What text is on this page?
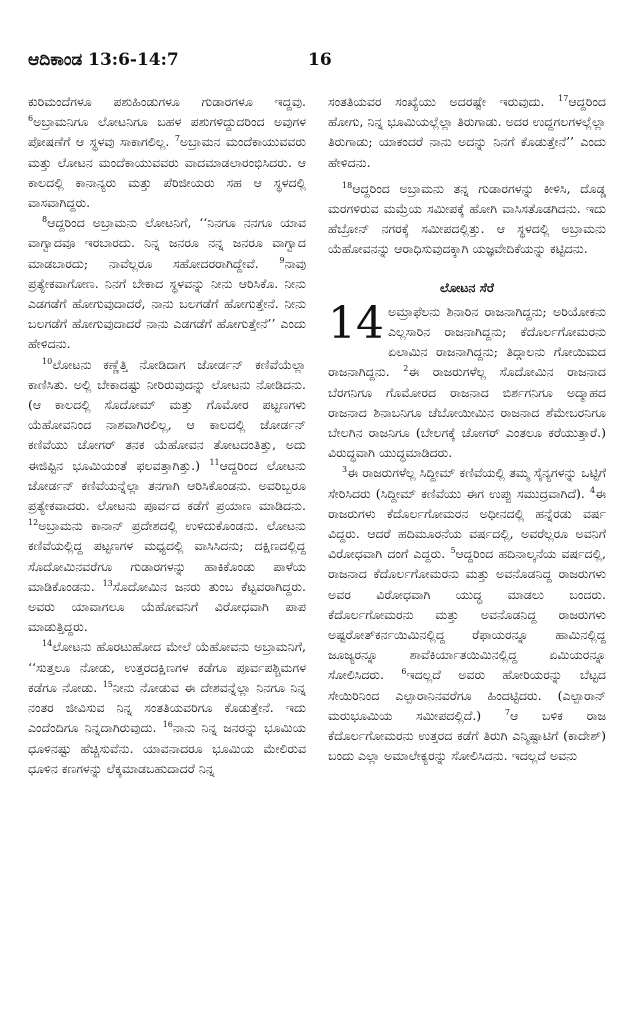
ಆದಿಕಾಂಡ 13:6-14:7	16

ಕುರಿಮಂದೆಗಳೂ ಪಶುಹಿಂಡುಗಳೂ ಗುಡಾರಗಳೂ ಇದ್ದವು. $^6$ಅಬ್ರಾಮನಿಗೂ ಲೋಟನಿಗೂ ಬಹಳ ಪಶುಗಳಿದ್ದುದರಿಂದ ಅವುಗಳ ಪೋಷಣೆಗೆ ಆ ಸ್ಥಳವು ಸಾಕಾಗಲಿಲ್ಲ. $^7$ಅಬ್ರಾಮನ ಮಂದೆಕಾಯುವವರು ಮತ್ತು ಲೋಟನ ಮಂದೆಕಾಯುವವರು ವಾದಮಾಡಲಾರಂಭಿಸಿದರು. ಆ ಕಾಲದಲ್ಲಿ ಕಾನಾನ್ಯರು ಮತ್ತು ಪೆರಿಜೀಯರು ಸಹ ಆ ಸ್ಥಳದಲ್ಲಿ ವಾಸವಾಗಿದ್ದರು.

$^8$ಆದ್ದರಿಂದ ಅಬ್ರಾಮನು ಲೋಟನಿಗೆ, ‘‘ನಿನಗೂ ನನಗೂ ಯಾವ ವಾಗ್ವಾದವೂ ಇರಬಾರದು. ನಿನ್ನ ಜನರೂ ನನ್ನ ಜನರೂ ವಾಗ್ವಾದ ಮಾಡಬಾರದು; ನಾವೆಲ್ಲರೂ ಸಹೋದರರಾಗಿದ್ದೇವೆ. $^9$ನಾವು ಪ್ರತ್ಯೇಕವಾಗೋಣ. ನಿನಗೆ ಬೇಕಾದ ಸ್ಥಳವನ್ನು ನೀನು ಆರಿಸಿಕೊ. ನೀನು ಎಡಗಡೆಗೆ ಹೋಗುವುದಾದರೆ, ನಾನು ಬಲಗಡೆಗೆ ಹೋಗುತ್ತೇನೆ. ನೀನು ಬಲಗಡೆಗೆ ಹೋಗುವುದಾದರೆ ನಾನು ಎಡಗಡೆಗೆ ಹೋಗುತ್ತೇನೆ’’ ಎಂದು ಹೇಳಿದನು.

$^{10}$ಲೋಟನು ಕಣ್ಣೆತ್ತಿ ನೋಡಿದಾಗ ಜೋರ್ಡನ್ ಕಣಿವೆಯೆಲ್ಲಾ ಕಾಣಿಸಿತು. ಅಲ್ಲಿ ಬೇಕಾದಷ್ಟು ನೀರಿರುವುದನ್ನು ಲೋಟನು ನೋಡಿದನು.(ಆ ಕಾಲದಲ್ಲಿ ಸೊದೋಮ್ ಮತ್ತು ಗೊಮೋರ ಪಟ್ಟಣಗಳು ಯೆಹೋವನಿಂದ ನಾಶವಾಗಿರಲಿಲ್ಲ, ಆ ಕಾಲದಲ್ಲಿ ಜೋರ್ಡನ್ ಕಣಿವೆಯು ಚೋಗರ್ ತನಕ ಯೆಹೋವನ ತೋಟದಂತಿತ್ತು, ಅದು ಈಜಿಪ್ಟಿನ ಭೂಮಿಯಂತೆ ಫಲವತ್ತಾಗಿತ್ತು.) $^{11}$ಆದ್ದರಿಂದ ಲೋಟನು ಜೋರ್ಡನ್ ಕಣಿವೆಯನ್ನೆಲ್ಲಾ ತನಗಾಗಿ ಆರಿಸಿಕೊಂಡನು. ಅವರಿಬ್ಬರೂ ಪ್ರತ್ಯೇಕವಾದರು. ಲೋಟನು ಪೂರ್ವದ ಕಡೆಗೆ ಪ್ರಯಾಣ ಮಾಡಿದನು. $^{12}$ಅಬ್ರಾಮನು ಕಾನಾನ್ ಪ್ರದೇಶದಲ್ಲಿ ಉಳಿದುಕೊಂಡನು. ಲೋಟನು ಕಣಿವೆಯಲ್ಲಿದ್ದ ಪಟ್ಟಣಗಳ ಮಧ್ಯದಲ್ಲಿ ವಾಸಿಸಿದನು; ದಕ್ಷಿಣದಲ್ಲಿದ್ದ ಸೊದೋಮಿನವರೆಗೂ ಗುಡಾರಗಳನ್ನು ಹಾಕಿಕೊಂಡು ಪಾಳೆಯ ಮಾಡಿಕೊಂಡನು. $^{13}$ಸೊದೋಮಿನ ಜನರು ತುಂಬ ಕೆಟ್ಟವರಾಗಿದ್ದರು. ಅವರು ಯಾವಾಗಲೂ ಯೆಹೋವನಿಗೆ ವಿರೋಧವಾಗಿ ಪಾಪ ಮಾಡುತ್ತಿದ್ದರು.

$^{14}$ಲೋಟನು ಹೊರಟುಹೋದ ಮೇಲೆ ಯೆಹೋವನು ಅಬ್ರಾಮನಿಗೆ, ‘‘ಸುತ್ತಲೂ ನೋಡು, ಉತ್ತರದಕ್ಷಿಣಗಳ ಕಡೆಗೂ ಪೂರ್ವಪಶ್ಚಿಮಗಳ ಕಡೆಗೂ ನೋಡು. $^{15}$ನೀನು ನೋಡುವ ಈ ದೇಶವನ್ನೆಲ್ಲಾ ನಿನಗೂ ನಿನ್ನ ನಂತರ ಜೀವಿಸುವ ನಿನ್ನ ಸಂತತಿಯವರಿಗೂ ಕೊಡುತ್ತೇನೆ. ಇದು ಎಂದೆಂದಿಗೂ ನಿನ್ನದಾಗಿರುವುದು. $^{16}$ನಾನು ನಿನ್ನ ಜನರನ್ನು ಭೂಮಿಯ ಧೂಳಿನಷ್ಟು ಹೆಚ್ಚಿಸುವೆನು. ಯಾವನಾದರೂ ಭೂಮಿಯ ಮೇಲಿರುವ ಧೂಳಿನ ಕಣಗಳನ್ನು ಲೆಕ್ಕಮಾಡಬಹುದಾದರೆ ನಿನ್ನ

ಸಂತತಿಯವರ ಸಂಖ್ಯೆಯು ಅದರಷ್ಟೇ ಇರುವುದು. $^{17}$ಆದ್ದರಿಂದ ಹೋಗು, ನಿನ್ನ ಭೂಮಿಯಲ್ಲೆಲ್ಲಾ ತಿರುಗಾಡು. ಅದರ ಉದ್ದಗಲಗಳಲ್ಲೆಲ್ಲಾ ತಿರುಗಾಡು; ಯಾಕಂದರೆ ನಾನು ಅದನ್ನು ನಿನಗೆ ಕೊಡುತ್ತೇನೆ’’ ಎಂದು ಹೇಳಿದನು.

$^{18}$ಆದ್ದರಿಂದ ಅಬ್ರಾಮನು ತನ್ನ ಗುಡಾರಗಳನ್ನು ಕೀಳಿಸಿ, ದೊಡ್ಡ ಮರಗಳಿರುವ ಮಮ್ರೆಯ ಸಮೀಪಕ್ಕೆ ಹೋಗಿ ವಾಸಿಸತೊಡಗಿದನು. ಇದು ಹೆಬ್ರೋನ್ ನಗರಕ್ಕೆ ಸಮೀಪದಲ್ಲಿತ್ತು. ಆ ಸ್ಥಳದಲ್ಲಿ ಅಬ್ರಾಮನು ಯೆಹೋವನನ್ನು ಆರಾಧಿಸುವುದಕ್ಕಾಗಿ ಯಜ್ಞವೇದಿಕೆಯನ್ನು ಕಟ್ಟಿದನು.

ಲೋಟನ ಸೆರೆ

14 ಅಮ್ರಾಫೆಲನು ಶಿನಾರಿನ ರಾಜನಾಗಿದ್ದನು; ಅರಿಯೋಕನು ಎಲ್ಲಸಾರಿನ ರಾಜನಾಗಿದ್ದನು; ಕೆದೊರ್ಲಗೋಮರನು ಏಲಾಮಿನ ರಾಜನಾಗಿದ್ದನು; ತಿದ್ಗಾಲನು ಗೋಯಿಮದ ರಾಜನಾಗಿದ್ದನು. $^2$ಈ ರಾಜರುಗಳೆಲ್ಲ ಸೊದೋಮಿನ ರಾಜನಾದ ಬೆರಗನಿಗೂ ಗೊಮೋರದ ರಾಜನಾದ ಬಿರ್ಶಗನಿಗೂ ಅದ್ಮಾಹದ ರಾಜನಾದ ಶಿನಾಬನಿಗೂ ಚೆಬೋಯೀಮಿನ ರಾಜನಾದ ಶೆಮೇಬರನಿಗೂ ಬೇಲಗಿನ ರಾಜನಿಗೂ (ಬೇಲಗಕ್ಕೆ ಚೋಗರ್ ಎಂತಲೂ ಕರೆಯುತ್ತಾರೆ.) ವಿರುದ್ಧವಾಗಿ ಯುದ್ಧಮಾಡಿದರು.

$^3$ಈ ರಾಜರುಗಳೆಲ್ಲ ಸಿದ್ದೀಮ್ ಕಣಿವೆಯಲ್ಲಿ ತಮ್ಮ ಸೈನ್ಯಗಳನ್ನು ಒಟ್ಟಿಗೆ ಸೇರಿಸಿದರು (ಸಿದ್ದೀಮ್ ಕಣಿವೆಯು ಈಗ ಉಪ್ಪು ಸಮುದ್ರವಾಗಿದೆ). $^4$ಈ ರಾಜರುಗಳು ಕೆದೊರ್ಲಗೋಮರನ ಅಧೀನದಲ್ಲಿ ಹನ್ನೆರಡು ವರ್ಷ ವಿದ್ದರು. ಆದರೆ ಹದಿಮೂರನೆಯ ವರ್ಷದಲ್ಲಿ, ಅವರೆಲ್ಲರೂ ಅವನಿಗೆ ವಿರೋಧವಾಗಿ ದಂಗೆ ಎದ್ದರು. $^5$ಆದ್ದರಿಂದ ಹದಿನಾಲ್ಕನೆಯ ವರ್ಷದಲ್ಲಿ, ರಾಜನಾದ ಕೆದೊರ್ಲಗೋಮರನು ಮತ್ತು ಅವನೊಡನಿದ್ದ ರಾಜರುಗಳು ಅವರ ವಿರೋಧವಾಗಿ ಯುದ್ಧ ಮಾಡಲು ಬಂದರು. ಕೆದೊರ್ಲಗೋಮರನು ಮತ್ತು ಅವನೊಡನಿದ್ದ ರಾಜರುಗಳು ಅಷ್ಟರೋತ್‌ಕರ್ನಯಿಮಿನಲ್ಲಿದ್ದ ರೆಫಾಯರನ್ನೂ ಹಾಮಿನಲ್ಲಿದ್ದ ಜೂಜ್ಯರನ್ನೂ ಶಾವೆಕಿರ್ಯಾತಯಿಮಿನಲ್ಲಿದ್ದ ಏಮಿಯರನ್ನೂ ಸೋಲಿಸಿದರು. $^6$ಇದಲ್ಲದೆ ಅವರು ಹೋರಿಯರನ್ನು ಬೆಟ್ಟದ ಸೇಯಿರಿನಿಂದ ಎಲ್ಪಾರಾನಿನವರೆಗೂ ಹಿಂದಟ್ಟಿದರು. (ಎಲ್ಪಾರಾನ್ ಮರುಭೂಮಿಯ ಸಮೀಪದಲ್ಲಿದೆ.) $^7$ಆ ಬಳಿಕ ರಾಜ ಕೆದೊರ್ಲಗೋಮರನು ಉತ್ತರದ ಕಡೆಗೆ ತಿರುಗಿ ಎನ್ಮಿಷ್ಪಾಟಿಗೆ (ಕಾದೇಶ್) ಬಂದು ಎಲ್ಲಾ ಅಮಾಲೇಕ್ಯರನ್ನು ಸೋಲಿಸಿದನು. ಇದಲ್ಲದೆ ಅವನು
